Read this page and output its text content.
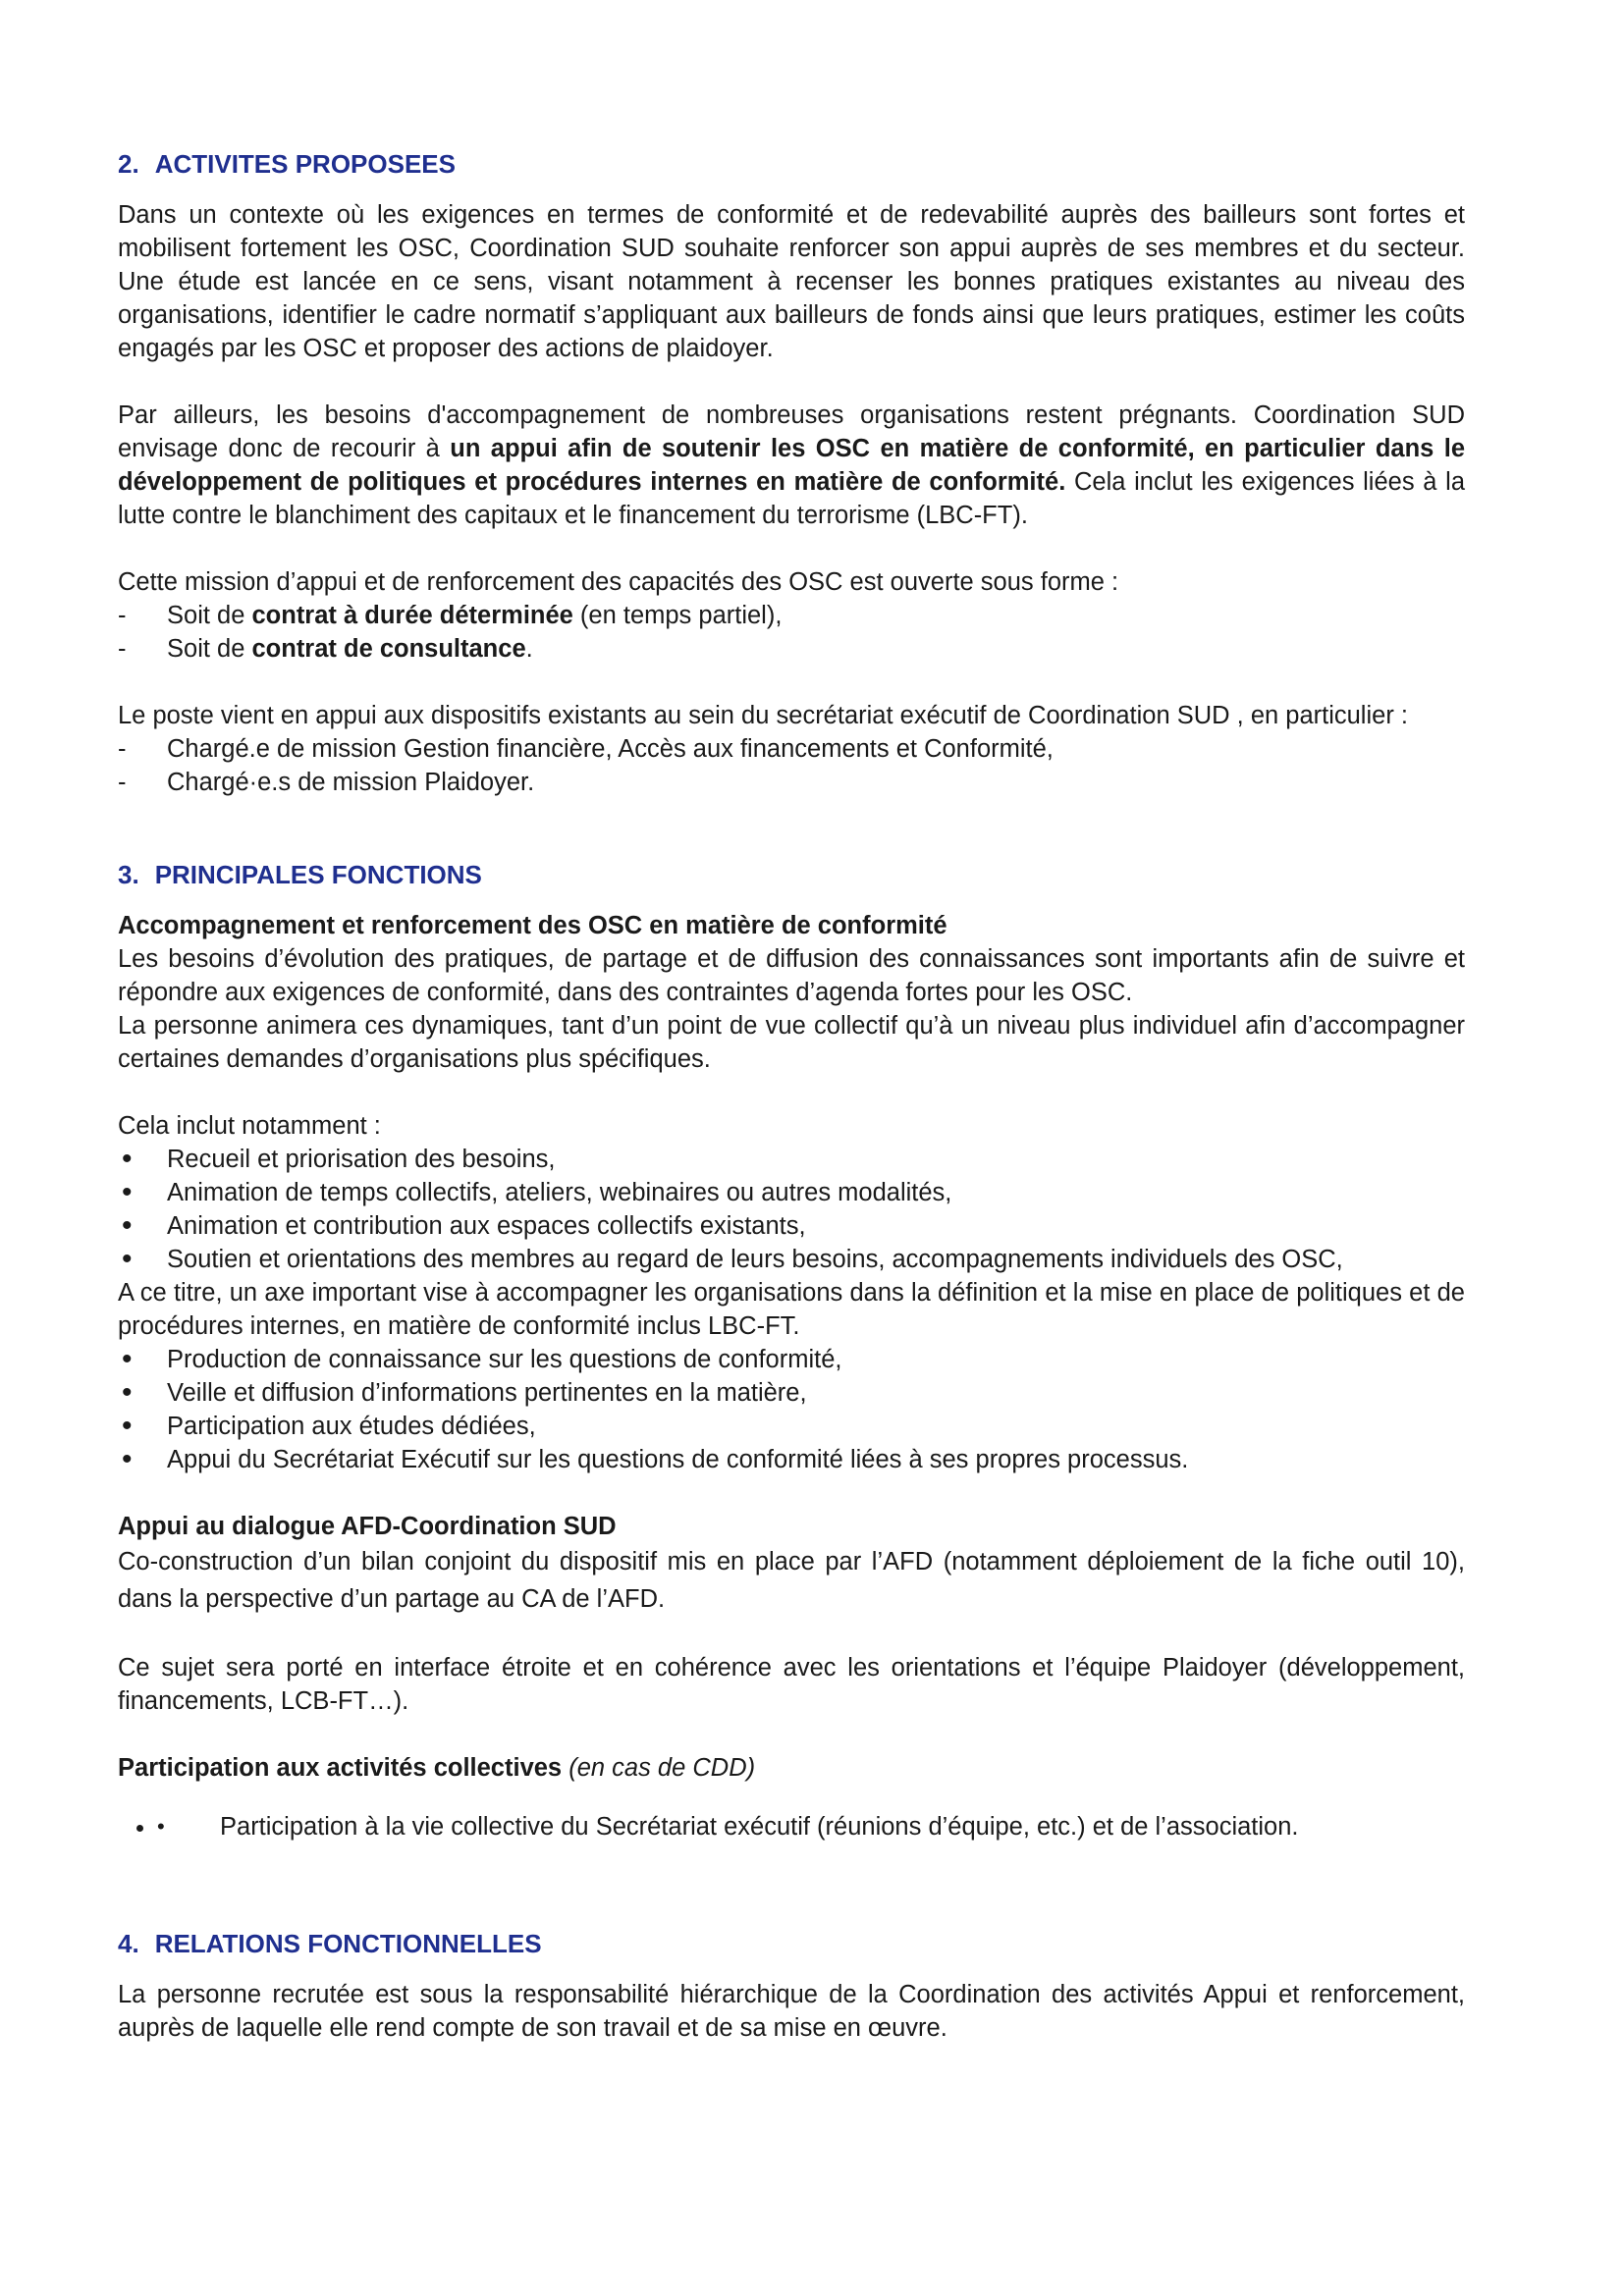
2. ACTIVITES PROPOSEES

Dans un contexte où les exigences en termes de conformité et de redevabilité auprès des bailleurs sont fortes et mobilisent fortement les OSC, Coordination SUD souhaite renforcer son appui auprès de ses membres et du secteur. Une étude est lancée en ce sens, visant notamment à recenser les bonnes pratiques existantes au niveau des organisations, identifier le cadre normatif s’appliquant aux bailleurs de fonds ainsi que leurs pratiques, estimer les coûts engagés par les OSC et proposer des actions de plaidoyer.

Par ailleurs, les besoins d'accompagnement de nombreuses organisations restent prégnants. Coordination SUD envisage donc de recourir à un appui afin de soutenir les OSC en matière de conformité, en particulier dans le développement de politiques et procédures internes en matière de conformité. Cela inclut les exigences liées à la lutte contre le blanchiment des capitaux et le financement du terrorisme (LBC-FT).

Cette mission d’appui et de renforcement des capacités des OSC est ouverte sous forme :

- Soit de contrat à durée déterminée (en temps partiel),
- Soit de contrat de consultance.

Le poste vient en appui aux dispositifs existants au sein du secrétariat exécutif de Coordination SUD , en particulier :

- Chargé.e de mission Gestion financière, Accès aux financements et Conformité,
- Chargé·e.s de mission Plaidoyer.
3. PRINCIPALES FONCTIONS

Accompagnement et renforcement des OSC en matière de conformité

Les besoins d’évolution des pratiques, de partage et de diffusion des connaissances sont importants afin de suivre et répondre aux exigences de conformité, dans des contraintes d’agenda fortes pour les OSC.

La personne animera ces dynamiques, tant d’un point de vue collectif qu’à un niveau plus individuel afin d’accompagner certaines demandes d’organisations plus spécifiques.

Cela inclut notamment :

• Recueil et priorisation des besoins,
• Animation de temps collectifs, ateliers, webinaires ou autres modalités,
• Animation et contribution aux espaces collectifs existants,
• Soutien et orientations des membres au regard de leurs besoins, accompagnements individuels des OSC,

A ce titre, un axe important vise à accompagner les organisations dans la définition et la mise en place de politiques et de procédures internes, en matière de conformité inclus LBC-FT.

• Production de connaissance sur les questions de conformité,
• Veille et diffusion d’informations pertinentes en la matière,
• Participation aux études dédiées,
• Appui du Secrétariat Exécutif sur les questions de conformité liées à ses propres processus.

Appui au dialogue AFD-Coordination SUD

Co-construction d’un bilan conjoint du dispositif mis en place par l’AFD (notamment déploiement de la fiche outil 10), dans la perspective d’un partage au CA de l’AFD.

Ce sujet sera porté en interface étroite et en cohérence avec les orientations et l’équipe Plaidoyer (développement, financements, LCB-FT…).

Participation aux activités collectives (en cas de CDD)

• • Participation à la vie collective du Secrétariat exécutif (réunions d’équipe, etc.) et de l’association.
4. RELATIONS FONCTIONNELLES

La personne recrutée est sous la responsabilité hiérarchique de la Coordination des activités Appui et renforcement, auprès de laquelle elle rend compte de son travail et de sa mise en œuvre.
